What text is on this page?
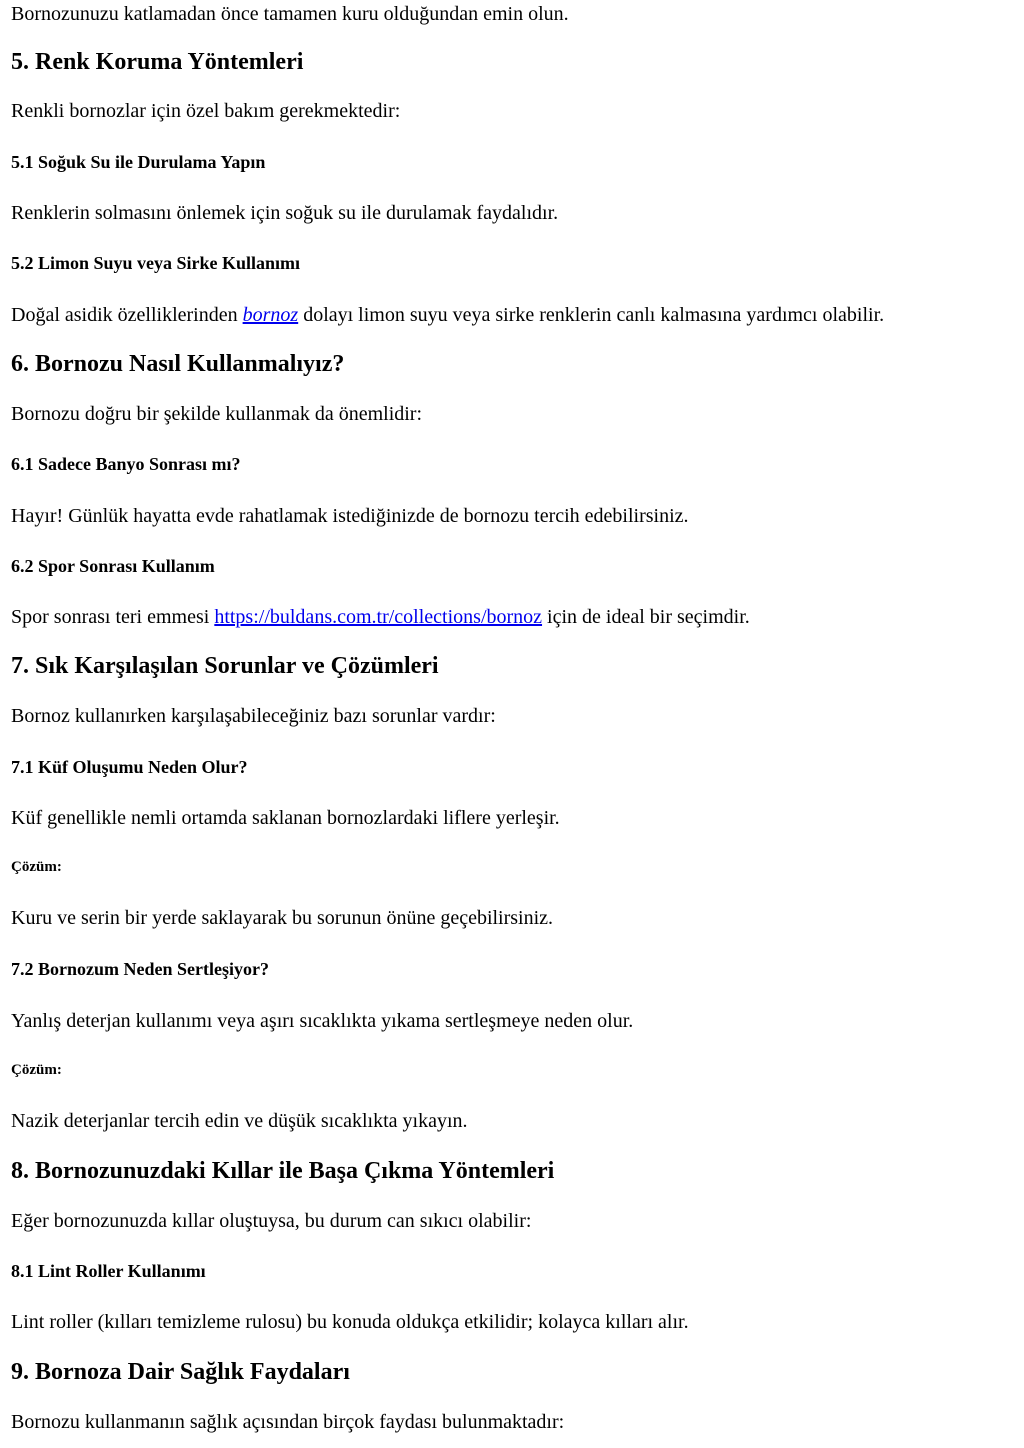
Bornozunuzu katlamadan önce tamamen kuru olduğundan emin olun.
5. Renk Koruma Yöntemleri
Renkli bornozlar için özel bakım gerekmektedir:
5.1 Soğuk Su ile Durulama Yapın
Renklerin solmasını önlemek için soğuk su ile durulamak faydalıdır.
5.2 Limon Suyu veya Sirke Kullanımı
Doğal asidik özelliklerinden bornoz dolayı limon suyu veya sirke renklerin canlı kalmasına yardımcı olabilir.
6. Bornozu Nasıl Kullanmalıyız?
Bornozu doğru bir şekilde kullanmak da önemlidir:
6.1 Sadece Banyo Sonrası mı?
Hayır! Günlük hayatta evde rahatlamak istediğinizde de bornozu tercih edebilirsiniz.
6.2 Spor Sonrası Kullanım
Spor sonrası teri emmesi https://buldans.com.tr/collections/bornoz için de ideal bir seçimdir.
7. Sık Karşılaşılan Sorunlar ve Çözümleri
Bornoz kullanırken karşılaşabileceğiniz bazı sorunlar vardır:
7.1 Küf Oluşumu Neden Olur?
Küf genellikle nemli ortamda saklanan bornozlardaki liflere yerleşir.
Çözüm:
Kuru ve serin bir yerde saklayarak bu sorunun önüne geçebilirsiniz.
7.2 Bornozum Neden Sertleşiyor?
Yanlış deterjan kullanımı veya aşırı sıcaklıkta yıkama sertleşmeye neden olur.
Çözüm:
Nazik deterjanlar tercih edin ve düşük sıcaklıkta yıkayın.
8. Bornozunuzdaki Kıllar ile Başa Çıkma Yöntemleri
Eğer bornozunuzda kıllar oluştuysa, bu durum can sıkıcı olabilir:
8.1 Lint Roller Kullanımı
Lint roller (kılları temizleme rulosu) bu konuda oldukça etkilidir; kolayca kılları alır.
9. Bornoza Dair Sağlık Faydaları
Bornozu kullanmanın sağlık açısından birçok faydası bulunmaktadır:
